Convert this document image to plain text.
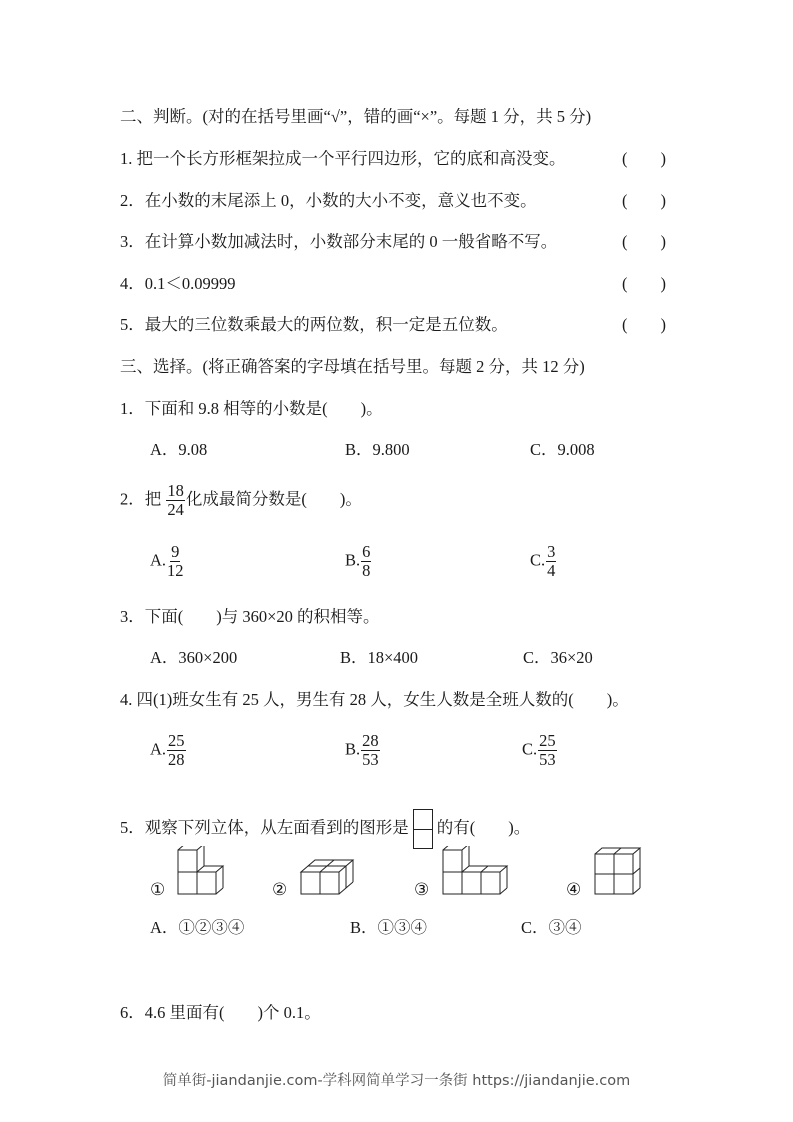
二、判断。(对的在括号里画“√”，错的画“×”。每题 1 分，共 5 分)
1. 把一个长方形框架拉成一个平行四边形，它的底和高没变。	(　　)
2．在小数的末尾添上 0，小数的大小不变，意义也不变。	(　　)
3．在计算小数加减法时，小数部分末尾的 0 一般省略不写。	(　　)
4．0.1＜0.09999	(　　)
5．最大的三位数乘最大的两位数，积一定是五位数。	(　　)
三、选择。(将正确答案的字母填在括号里。每题 2 分，共 12 分)
1．下面和 9.8 相等的小数是(　　)。
A．9.08	B．9.800	C．9.008
2．把 $\frac{18}{24}$ 化成最简分数是(　　)。
A. $\frac{9}{12}$	B. $\frac{6}{8}$	C. $\frac{3}{4}$
3．下面(　　)与 360×20 的积相等。
A．360×200	B．18×400	C．36×20
4. 四(1)班女生有 25 人，男生有 28 人，女生人数是全班人数的(　　)。
A. $\frac{25}{28}$	B. $\frac{28}{53}$	C. $\frac{25}{53}$
5．观察下列立体，从左面看到的图形是 的有(　　)。
①	②	③	④
A．①②③④	B．①③④	C．③④
6．4.6 里面有(　　)个 0.1。
简单街-jiandanjie.com-学科网简单学习一条街 https://jiandanjie.com
